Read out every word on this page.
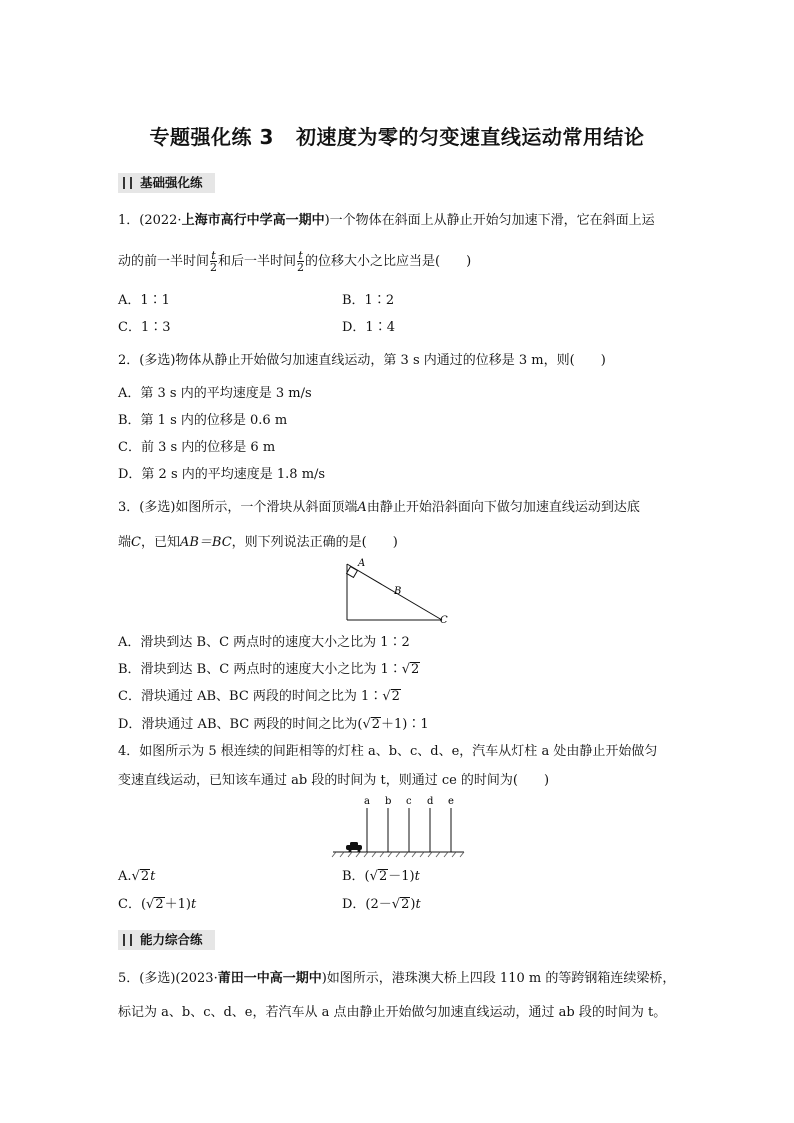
专题强化练 3 初速度为零的匀变速直线运动常用结论
基础强化练
1．(2022·上海市高行中学高一期中)一个物体在斜面上从静止开始匀加速下滑，它在斜面上运
动的前一半时间 $\frac{t}{2}$ 和后一半时间 $\frac{t}{2}$ 的位移大小之比应当是(　　)
A．1∶1	B．1∶2
C．1∶3	D．1∶4
2．(多选)物体从静止开始做匀加速直线运动，第 3 s 内通过的位移是 3 m，则(　　)
A．第 3 s 内的平均速度是 3 m/s
B．第 1 s 内的位移是 0.6 m
C．前 3 s 内的位移是 6 m
D．第 2 s 内的平均速度是 1.8 m/s
3．(多选)如图所示，一个滑块从斜面顶端A由静止开始沿斜面向下做匀加速直线运动到达底
端C，已知AB＝BC，则下列说法正确的是(　　)
A
B
C
A．滑块到达 B、C 两点时的速度大小之比为 1∶2
B．滑块到达 B、C 两点时的速度大小之比为 1∶√2
C．滑块通过 AB、BC 两段的时间之比为 1∶√2
D．滑块通过 AB、BC 两段的时间之比为(√2＋1)∶1
4．如图所示为 5 根连续的间距相等的灯柱 a、b、c、d、e，汽车从灯柱 a 处由静止开始做匀
变速直线运动，已知该车通过 ab 段的时间为 t，则通过 ce 的时间为(　　)
a b c d e
A.√2t	B．(√2－1)t
C．(√2＋1)t	D．(2－√2)t
能力综合练
5．(多选)(2023·莆田一中高一期中)如图所示，港珠澳大桥上四段 110 m 的等跨钢箱连续梁桥，
标记为 a、b、c、d、e，若汽车从 a 点由静止开始做匀加速直线运动，通过 ab 段的时间为 t。
